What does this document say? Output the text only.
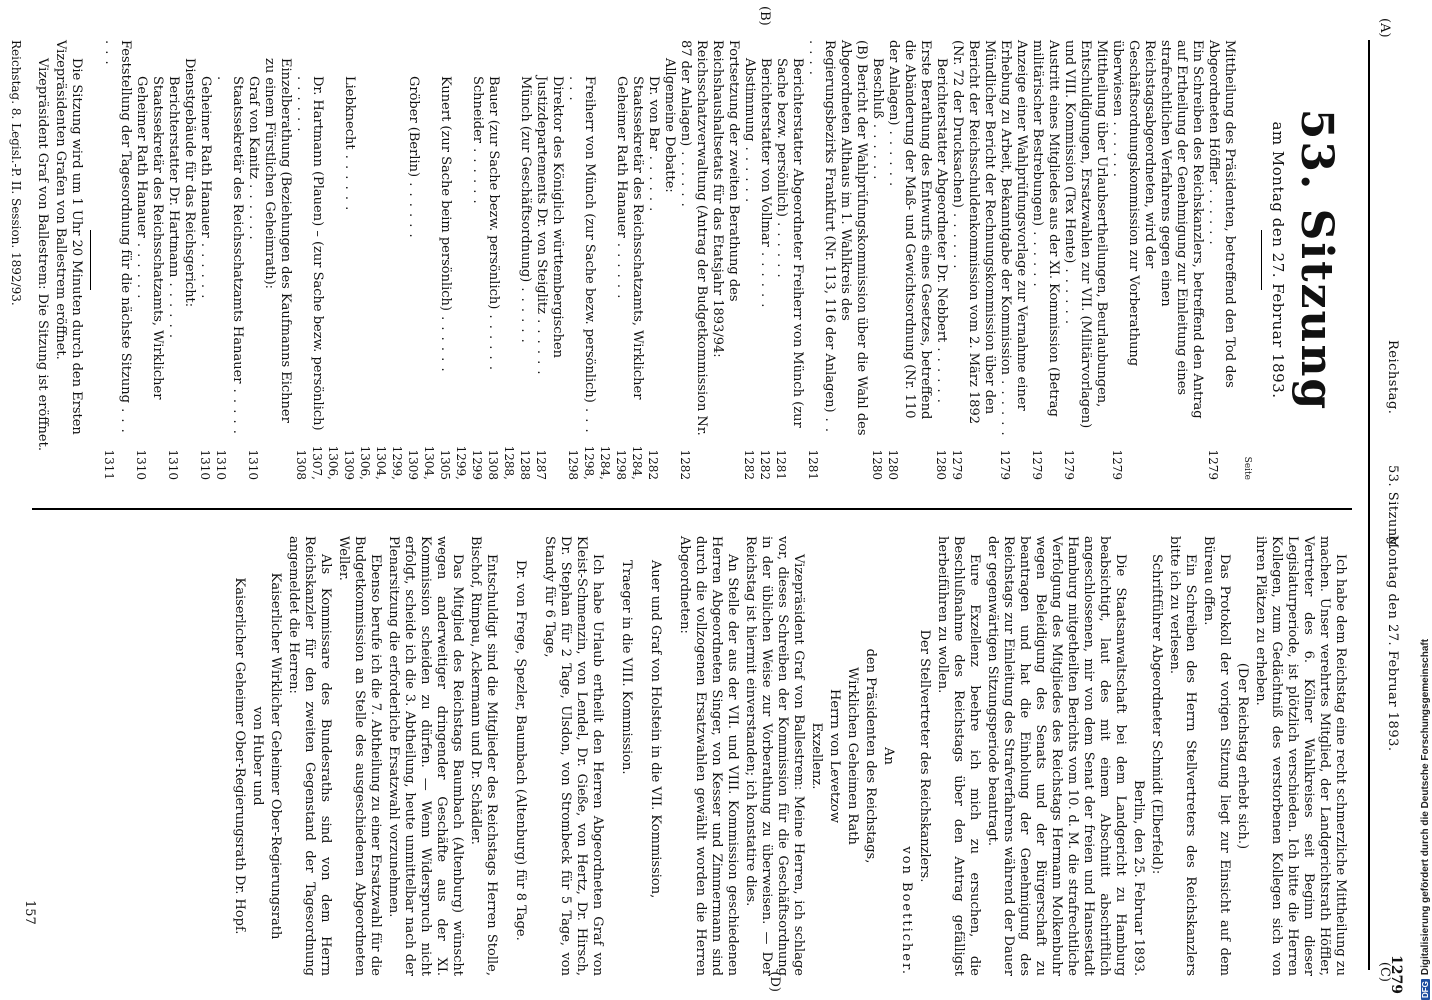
(A)
(C)
(B)
(D)
Reichstag.
53. Sitzung.
Montag den 27. Februar 1893.
1279
53. Sitzung
am Montag den 27. Februar 1893.
Seite
Mittheilung des Präsidenten, betreffend den Tod des Abgeordneten Höffler . . .
1279
Ein Schreiben des Reichskanzlers, betreffend den Antrag auf Ertheilung der Genehmigung zur Einleitung eines strafrechtlichen Verfahrens gegen einen Reichstagsabgeordneten, wird der Geschäftsordnungskommission zur Vorberathung überwiesen . . .
1279
Mittheilung über Urlaubsertheilungen, Beurlaubungen, Entschuldigungen, Ersatzwahlen zur VII. (Militärvorlagen) und VIII. Kommission (Tex Hente) . . .
1279
Austritt eines Mitgliedes aus der XI. Kommission (Betrag militärischer Bestrebungen) . . .
1279
Anzeige einer Wahlprüfungsvorlage zur Vernahme einer Erhebung zu Arbeit, Bekanntgabe der Kommission . . .
1279
Mündlicher Bericht der Rechnungskommission über den Bericht der Reichsschuldenkommission vom 2. März 1892 (Nr. 72 der Drucksachen) . . .
1279
Berichterstatter Abgeordneter Dr. Nebbert . . .
1280
Erste Berathung des Entwurfs eines Gesetzes, betreffend die Abänderung der Maß- und Gewichtsordnung (Nr. 110 der Anlagen) . . .
1280
Beschluß . . .
1280
(B) Bericht der Wahlprüfungskommission über die Wahl des Abgeordneten Althaus im 1. Wahlkreis des Regierungsbezirks Frankfurt (Nr. 113, 116 der Anlagen) . . .
1281
Berichterstatter Abgeordneter Freiherr von Münch (zur Sache bezw. persönlich) . . .
1281
Berichterstatter von Vollmar . . .
1282
Abstimmung . . .
1282
Fortsetzung der zweiten Berathung des Reichshaushaltsetats für das Etatsjahr 1893/94: Reichsschatzverwaltung (Antrag der Budgetkommission Nr. 87 der Anlagen) . . .
1282
Allgemeine Debatte:
Dr. von Bar . . .
1282
Staatssekretär des Reichsschatzamts, Wirklicher Geheimer Rath Hanauer . . .
1284, 1298
Freiherr von Münch (zur Sache bezw. persönlich) . . .
1284, 1298, 1298
Direktor des Königlich württembergischen Justizdepartements Dr. von Steiglitz . . .
1287
Münch (zur Geschäftsordnung) . . .
1288
Bauer (zur Sache bezw. persönlich) . . .
1288, 1308
Schneider . . .
1299
Kunert (zur Sache beim persönlich) . . .
1299, 1305
Gröber (Berlin) . . .
1304, 1309
Liebknecht . . .
1299, 1304, 1306, 1309
Dr. Hartmann (Plauen) – (zur Sache bezw. persönlich) . . .
1306, 1307, 1308
Einzelberathung (Beziehungen des Kaufmanns Eichner zu einem Fürstlichen Geheimrath):
Graf von Kanitz . . .
1310
Staatssekretär des Reichsschatzamts Hanauer . . .
1310
Geheimer Rath Hanauer . . .
1310
Dienstgebäude für das Reichsgericht:
Berichterstatter Dr. Hartmann . . .
1310
Staatssekretär des Reichsschatzamts, Wirklicher Geheimer Rath Hanauer . . .
1310
Feststellung der Tagesordnung für die nächste Sitzung . . .
1311

Die Sitzung wird um 1 Uhr 20 Minuten durch den Ersten Vizepräsidenten Grafen von Ballestrem eröffnet.

Vizepräsident Graf von Ballestrem: Die Sitzung ist eröffnet.

Reichstag. 8. Legisl.-P. II. Session. 1892/93.

Ich habe dem Reichstag eine recht schmerzliche Mittheilung zu machen. Unser verehrtes Mitglied, der Landgerichtsrath Höffler, Vertreter des 6. Kölner Wahlkreises seit Beginn dieser Legislaturperiode, ist plötzlich verschieden. Ich bitte die Herren Kollegen, zum Gedächtniß des verstorbenen Kollegen sich von ihren Plätzen zu erheben.

(Der Reichstag erhebt sich.)

Das Protokoll der vorigen Sitzung liegt zur Einsicht auf dem Büreau offen.

Ein Schreiben des Herrn Stellvertreters des Reichskanzlers bitte ich zu verlesen.

Schriftführer Abgeordneter Schmidt (Elberfeld):

Berlin, den 25. Februar 1893.

Die Staatsanwaltschaft bei dem Landgericht zu Hamburg beabsichtigt, laut des mit einem Abschnitt abschriftlich angeschlossenen, mir von dem Senat der freien und Hansestadt Hamburg mitgetheilten Berichts vom 10. d. M. die strafrechtliche Verfolgung des Mitgliedes des Reichstags Hermann Molkenbuhr wegen Beleidigung des Senats und der Bürgerschaft zu beantragen und hat die Einholung der Genehmigung des Reichstags zur Einleitung des Strafverfahrens während der Dauer der gegenwärtigen Sitzungsperiode beantragt.

Eure Exzellenz beehre ich mich zu ersuchen, die Beschlußnahme des Reichstags über den Antrag gefälligst herbeiführen zu wollen.

Der Stellvertreter des Reichskanzlers.

von Boetticher.

An

den Präsidenten des Reichstags,

Wirklichen Geheimen Rath

Herrn von Levetzow

Exzellenz.

Vizepräsident Graf von Ballestrem: Meine Herren, ich schlage vor, dieses Schreiben der Kommission für die Geschäftsordnung in der üblichen Weise zur Vorberathung zu überweisen. — Der Reichstag ist hiermit einverstanden; ich konstatire dies.

An Stelle der aus der VII. und VIII. Kommission geschiedenen Herren Abgeordneten Singer, von Kesser und Zimmermann sind durch die vollzogenen Ersatzwahlen gewählt worden die Herren Abgeordneten:

Auer und Graf von Holstein in die VII. Kommission,

Traeger in die VIII. Kommission.

Ich habe Urlaub ertheilt den Herren Abgeordneten Graf von Kleist-Schmenzin, von Lendel, Dr. Gieße, von Hertz, Dr. Hirsch, Dr. Stephan für 2 Tage, Ulsdon, von Strombeck für 5 Tage, von Standy für 6 Tage,

Dr. von Frege, Spezler, Baumbach (Altenburg) für 8 Tage.

Entschuldigt sind die Mitglieder des Reichstags Herren Stolle, Bischof, Rimpau, Ackermann und Dr. Schädler.

Das Mitglied des Reichstags Baumbach (Altenburg) wünscht wegen anderweitiger dringender Geschäfte aus der XI. Kommission scheiden zu dürfen. — Wenn Widerspruch nicht erfolgt, scheide ich die 3. Abtheilung, heute unmittelbar nach der Plenarsitzung die erforderliche Ersatzwahl vorzunehmen.

Ebenso berufe ich die 7. Abtheilung zu einer Ersatzwahl für die Budgetkommission an Stelle des ausgeschiedenen Abgeordneten Weller.

Als Kommissare des Bundesraths sind von dem Herrn Reichskanzler für den zweiten Gegenstand der Tagesordnung angemeldet die Herren:

Kaiserlicher Wirklicher Geheimer Ober-Regierungsrath

von Huber und

Kaiserlicher Geheimer Ober-Regierungsrath Dr. Hopf.

157
DFG
Digitalisierung gefördert durch die Deutsche Forschungsgemeinschaft
